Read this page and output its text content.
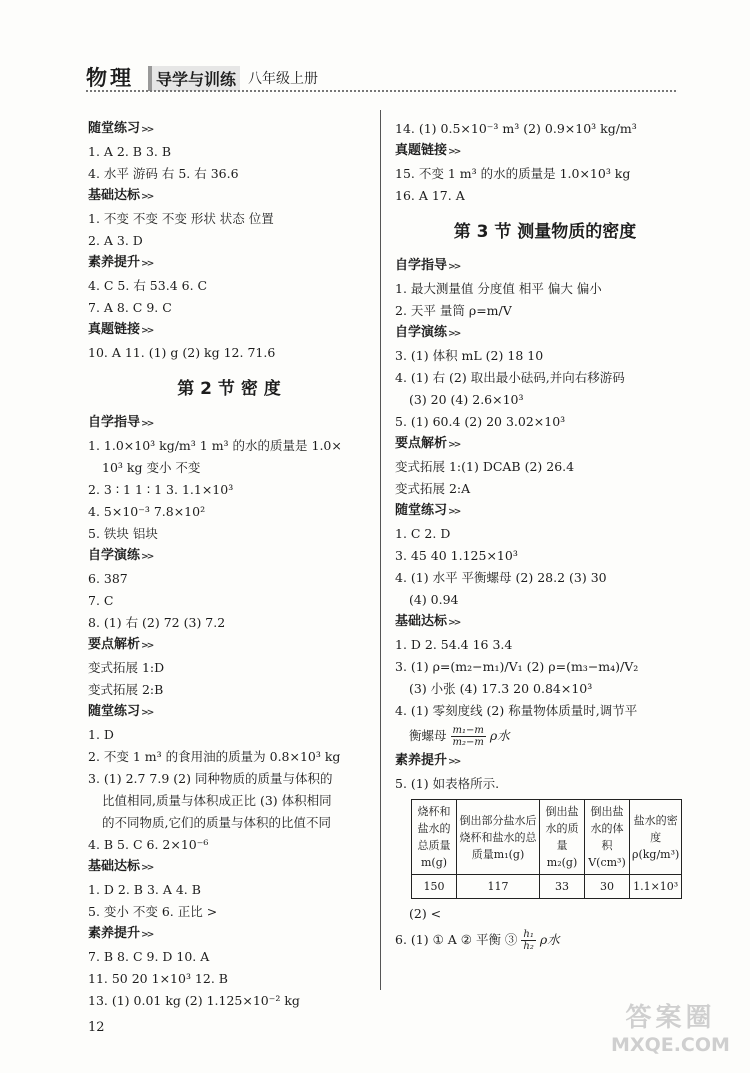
物理	导学与训练 八年级上册
随堂练习 >>
1. A 2. B 3. B
4. 水平 游码 右 5. 右 36.6
基础达标 >>
1. 不变 不变 不变 形状 状态 位置
2. A 3. D
素养提升 >>
4. C 5. 右 53.4 6. C
7. A 8. C 9. C
真题链接 >>
10. A 11. (1) g (2) kg 12. 71.6
第 2 节 密 度
自学指导 >>
1. 1.0×10³ kg/m³ 1 m³ 的水的质量是 1.0×
10³ kg 变小 不变
2. 3 ∶ 1 1 ∶ 1 3. 1.1×10³
4. 5×10⁻³ 7.8×10²
5. 铁块 铝块
自学演练 >>
6. 387
7. C
8. (1) 右 (2) 72 (3) 7.2
要点解析 >>
变式拓展 1:D
变式拓展 2:B
随堂练习 >>
1. D
2. 不变 1 m³ 的食用油的质量为 0.8×10³ kg
3. (1) 2.7 7.9 (2) 同种物质的质量与体积的
比值相同,质量与体积成正比 (3) 体积相同
的不同物质,它们的质量与体积的比值不同
4. B 5. C 6. 2×10⁻⁶
基础达标 >>
1. D 2. B 3. A 4. B
5. 变小 不变 6. 正比 >
素养提升 >>
7. B 8. C 9. D 10. A
11. 50 20 1×10³ 12. B
13. (1) 0.01 kg (2) 1.125×10⁻² kg
14. (1) 0.5×10⁻³ m³ (2) 0.9×10³ kg/m³
真题链接 >>
15. 不变 1 m³ 的水的质量是 1.0×10³ kg
16. A 17. A
第 3 节 测量物质的密度
自学指导 >>
1. 最大测量值 分度值 相平 偏大 偏小
2. 天平 量筒 ρ=m/V
自学演练 >>
3. (1) 体积 mL (2) 18 10
4. (1) 右 (2) 取出最小砝码,并向右移游码
(3) 20 (4) 2.6×10³
5. (1) 60.4 (2) 20 3.02×10³
要点解析 >>
变式拓展 1:(1) DCAB (2) 26.4
变式拓展 2:A
随堂练习 >>
1. C 2. D
3. 45 40 1.125×10³
4. (1) 水平 平衡螺母 (2) 28.2 (3) 30
(4) 0.94
基础达标 >>
1. D 2. 54.4 16 3.4
3. (1) ρ=(m₂−m₁)/V₁ (2) ρ=(m₃−m₄)/V₂
(3) 小张 (4) 17.3 20 0.84×10³
4. (1) 零刻度线 (2) 称量物体质量时,调节平
衡螺母 $\frac{\text{m₁−m}}{\text{m₂−m}}$ ρ水
素养提升 >>
5. (1) 如表格所示.
烧杯和盐水的总质量m(g)	倒出部分盐水后烧杯和盐水的总质量m₁(g)	倒出盐水的质量m₂(g)	倒出盐水的体积V(cm³)	盐水的密度ρ(kg/m³)
150	117	33	30	1.1×10³
(2) <
6. (1) ① A ② 平衡 ③ $\frac{\text{h₁}}{\text{h₂}}$ ρ水
12	答案圈
MXQE.COM
